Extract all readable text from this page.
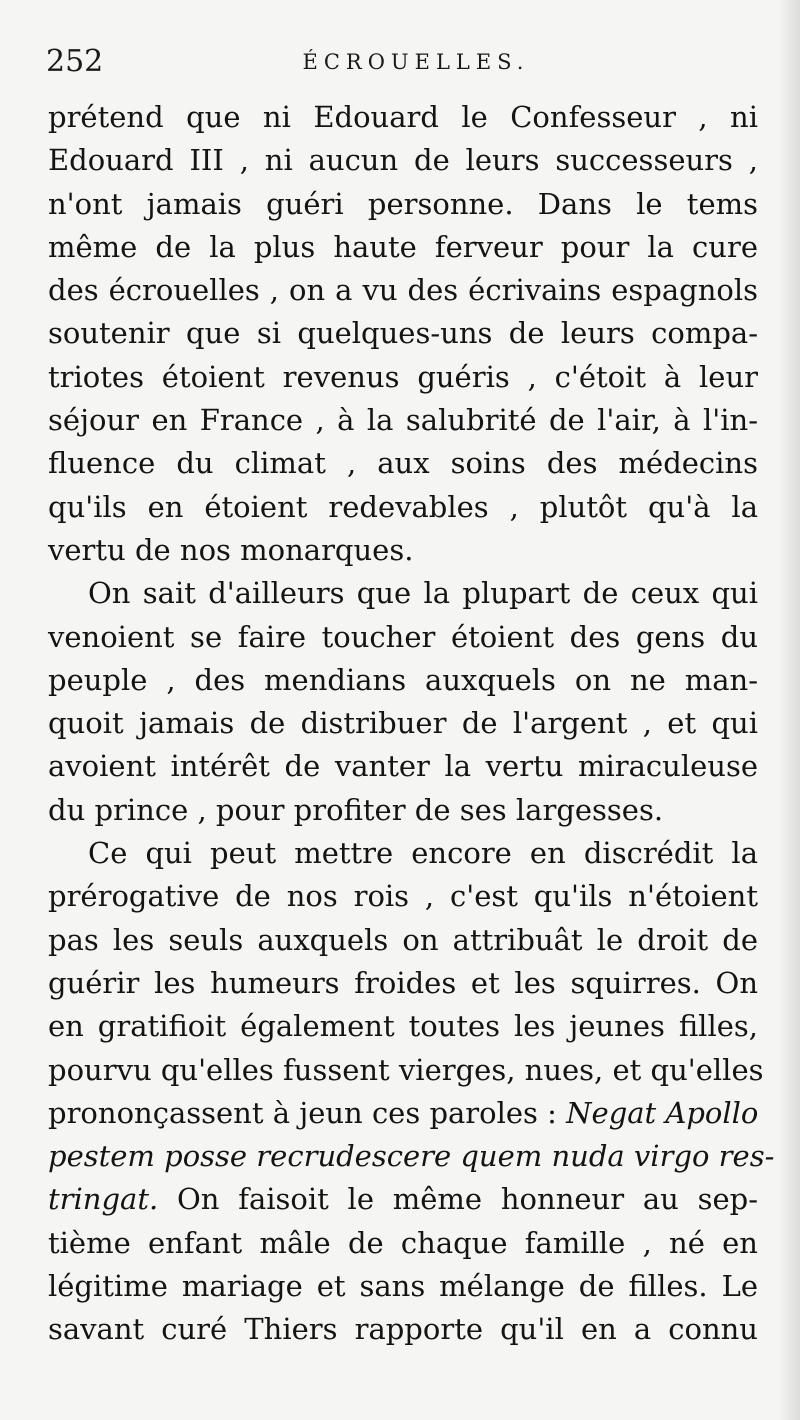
252	ÉCROUELLES.
prétend que ni Edouard le Confesseur , ni
Edouard III , ni aucun de leurs successeurs ,
n'ont jamais guéri personne. Dans le tems
même de la plus haute ferveur pour la cure
des écrouelles , on a vu des écrivains espagnols
soutenir que si quelques-uns de leurs compa-
triotes étoient revenus guéris , c'étoit à leur
séjour en France , à la salubrité de l'air, à l'in-
fluence du climat , aux soins des médecins
qu'ils en étoient redevables , plutôt qu'à la
vertu de nos monarques.
On sait d'ailleurs que la plupart de ceux qui
venoient se faire toucher étoient des gens du
peuple , des mendians auxquels on ne man-
quoit jamais de distribuer de l'argent , et qui
avoient intérêt de vanter la vertu miraculeuse
du prince , pour profiter de ses largesses.
Ce qui peut mettre encore en discrédit la
prérogative de nos rois , c'est qu'ils n'étoient
pas les seuls auxquels on attribuât le droit de
guérir les humeurs froides et les squirres. On
en gratifioit également toutes les jeunes filles,
pourvu qu'elles fussent vierges, nues, et qu'elles
prononçassent à jeun ces paroles : Negat Apollo
pestem posse recrudescere quem nuda virgo res-
tringat. On faisoit le même honneur au sep-
tième enfant mâle de chaque famille , né en
légitime mariage et sans mélange de filles. Le
savant curé Thiers rapporte qu'il en a connu
